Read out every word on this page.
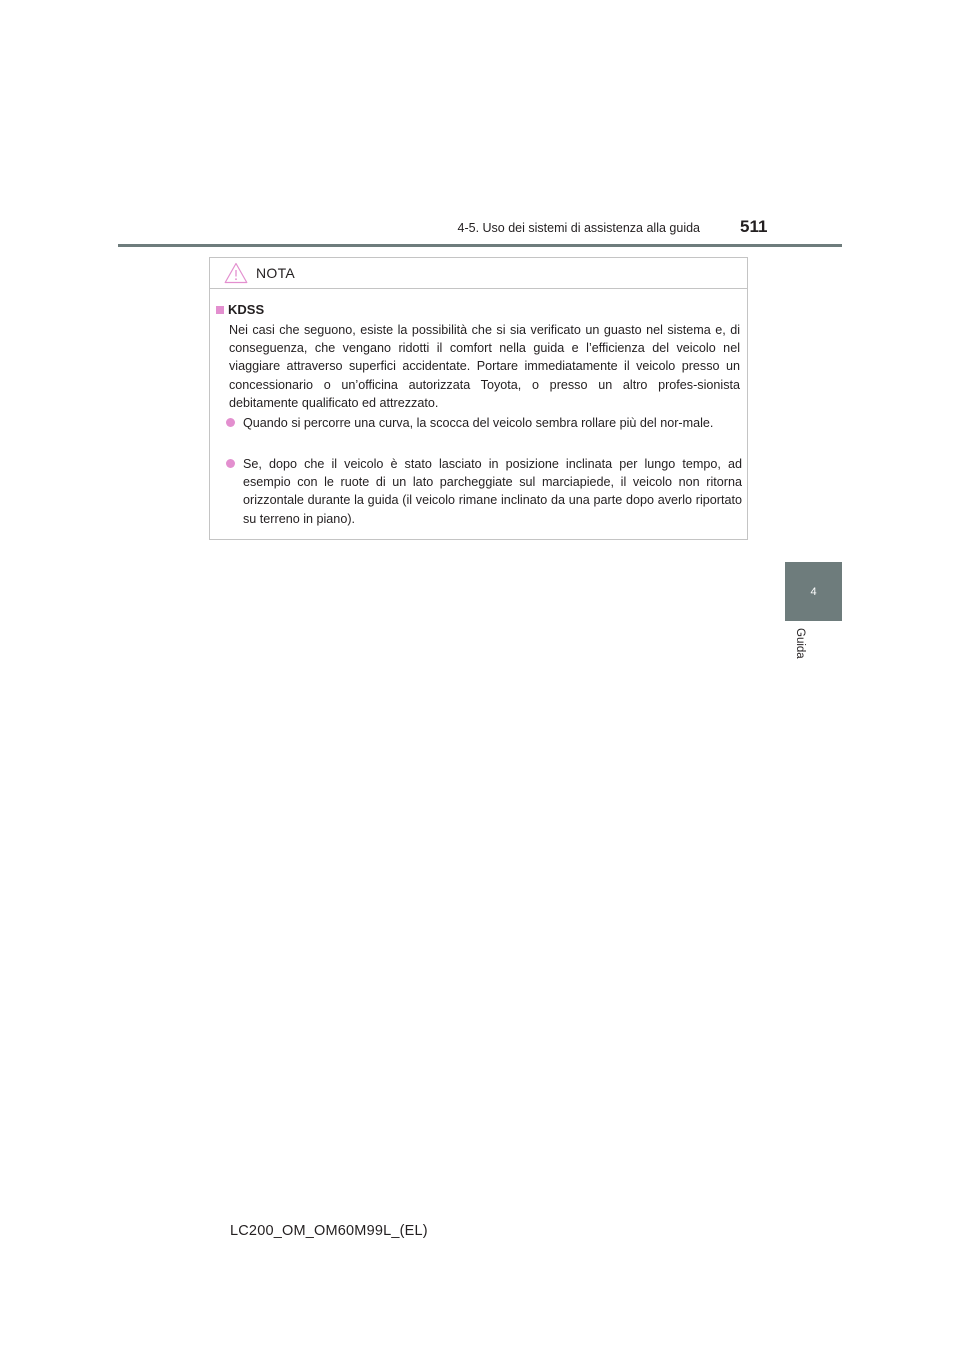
4-5. Uso dei sistemi di assistenza alla guida 511
4
Guida
NOTA
KDSS
Nei casi che seguono, esiste la possibilità che si sia verificato un guasto nel sistema e, di conseguenza, che vengano ridotti il comfort nella guida e l’efficienza del veicolo nel viaggiare attraverso superfici accidentate. Portare immediatamente il veicolo presso un concessionario o un’officina autorizzata Toyota, o presso un altro profes-sionista debitamente qualificato ed attrezzato.
Quando si percorre una curva, la scocca del veicolo sembra rollare più del nor-male.
Se, dopo che il veicolo è stato lasciato in posizione inclinata per lungo tempo, ad esempio con le ruote di un lato parcheggiate sul marciapiede, il veicolo non ritorna orizzontale durante la guida (il veicolo rimane inclinato da una parte dopo averlo riportato su terreno in piano).
LC200_OM_OM60M99L_(EL)
